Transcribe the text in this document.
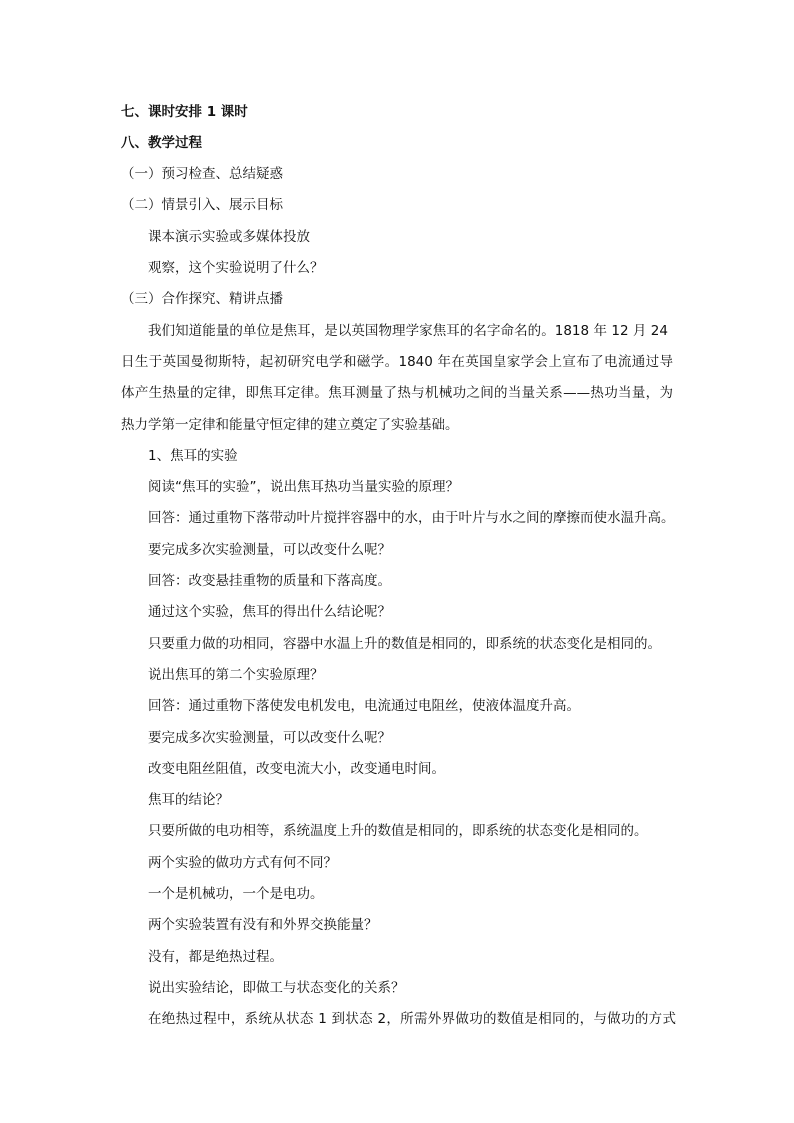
七、课时安排 1 课时
八、教学过程
（一）预习检查、总结疑惑
（二）情景引入、展示目标
课本演示实验或多媒体投放
观察，这个实验说明了什么？
（三）合作探究、精讲点播
我们知道能量的单位是焦耳，是以英国物理学家焦耳的名字命名的。1818 年 12 月 24
日生于英国曼彻斯特，起初研究电学和磁学。1840 年在英国皇家学会上宣布了电流通过导
体产生热量的定律，即焦耳定律。焦耳测量了热与机械功之间的当量关系——热功当量，为
热力学第一定律和能量守恒定律的建立奠定了实验基础。
1、焦耳的实验
阅读“焦耳的实验”，说出焦耳热功当量实验的原理？
回答：通过重物下落带动叶片搅拌容器中的水，由于叶片与水之间的摩擦而使水温升高。
要完成多次实验测量，可以改变什么呢？
回答：改变悬挂重物的质量和下落高度。
通过这个实验，焦耳的得出什么结论呢？
只要重力做的功相同，容器中水温上升的数值是相同的，即系统的状态变化是相同的。
说出焦耳的第二个实验原理？
回答：通过重物下落使发电机发电，电流通过电阻丝，使液体温度升高。
要完成多次实验测量，可以改变什么呢？
改变电阻丝阻值，改变电流大小，改变通电时间。
焦耳的结论？
只要所做的电功相等，系统温度上升的数值是相同的，即系统的状态变化是相同的。
两个实验的做功方式有何不同？
一个是机械功，一个是电功。
两个实验装置有没有和外界交换能量？
没有，都是绝热过程。
说出实验结论，即做工与状态变化的关系？
在绝热过程中，系统从状态 1 到状态 2，所需外界做功的数值是相同的，与做功的方式
